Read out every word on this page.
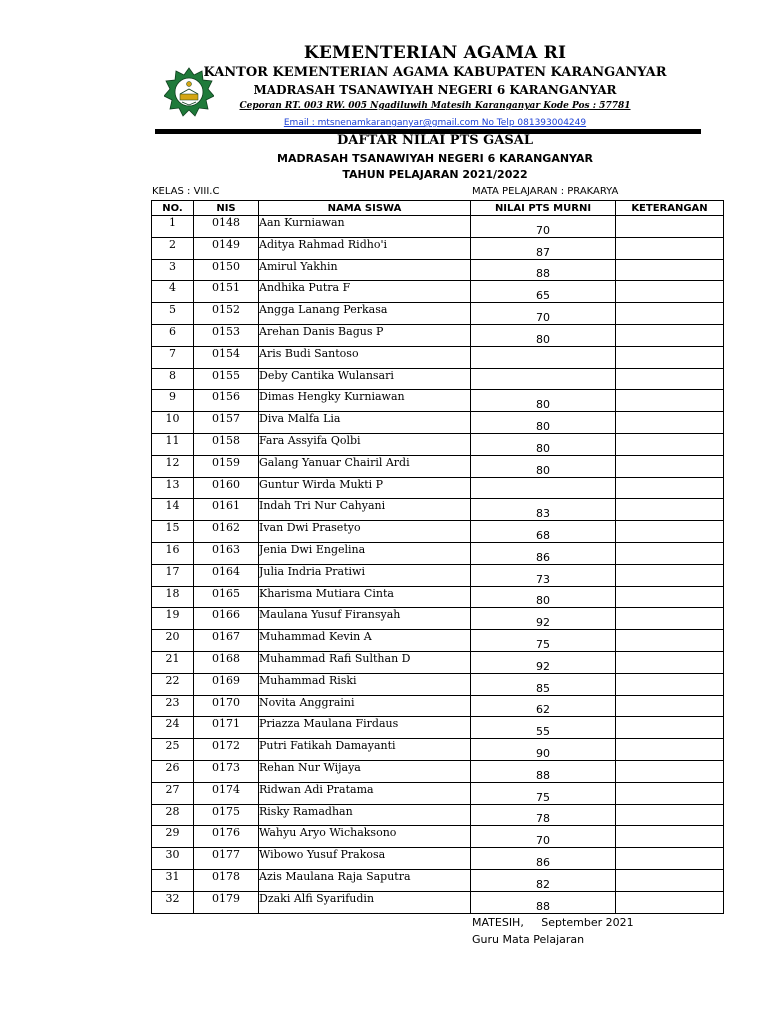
KEMENTERIAN AGAMA RI
KANTOR KEMENTERIAN AGAMA KABUPATEN KARANGANYAR
MADRASAH TSANAWIYAH NEGERI 6 KARANGANYAR
Ceporan RT. 003 RW. 005 Ngadiluwih Matesih Karanganyar Kode Pos : 57781
Email : mtsnenamkaranganyar@gmail.com No Telp 081393004249
DAFTAR NILAI PTS GASAL
MADRASAH TSANAWIYAH NEGERI 6 KARANGANYAR
TAHUN PELAJARAN 2021/2022
KELAS : VIII.C	MATA PELAJARAN : PRAKARYA
NO.	NIS	NAMA SISWA	NILAI PTS MURNI	KETERANGAN
1	0148	Aan Kurniawan	70	
2	0149	Aditya Rahmad Ridho'i	87	
3	0150	Amirul Yakhin	88	
4	0151	Andhika Putra F	65	
5	0152	Angga Lanang Perkasa	70	
6	0153	Arehan Danis Bagus P	80	
7	0154	Aris Budi Santoso		
8	0155	Deby Cantika Wulansari		
9	0156	Dimas Hengky Kurniawan	80	
10	0157	Diva Malfa Lia	80	
11	0158	Fara Assyifa Qolbi	80	
12	0159	Galang Yanuar Chairil Ardi	80	
13	0160	Guntur Wirda Mukti P		
14	0161	Indah Tri Nur Cahyani	83	
15	0162	Ivan Dwi Prasetyo	68	
16	0163	Jenia Dwi Engelina	86	
17	0164	Julia Indria Pratiwi	73	
18	0165	Kharisma Mutiara Cinta	80	
19	0166	Maulana Yusuf Firansyah	92	
20	0167	Muhammad Kevin A	75	
21	0168	Muhammad Rafi Sulthan D	92	
22	0169	Muhammad Riski	85	
23	0170	Novita Anggraini	62	
24	0171	Priazza Maulana Firdaus	55	
25	0172	Putri Fatikah Damayanti	90	
26	0173	Rehan Nur Wijaya	88	
27	0174	Ridwan Adi Pratama	75	
28	0175	Risky Ramadhan	78	
29	0176	Wahyu Aryo Wichaksono	70	
30	0177	Wibowo Yusuf Prakosa	86	
31	0178	Azis Maulana Raja Saputra	82	
32	0179	Dzaki Alfi Syarifudin	88	
MATESIH,     September 2021
Guru Mata Pelajaran
